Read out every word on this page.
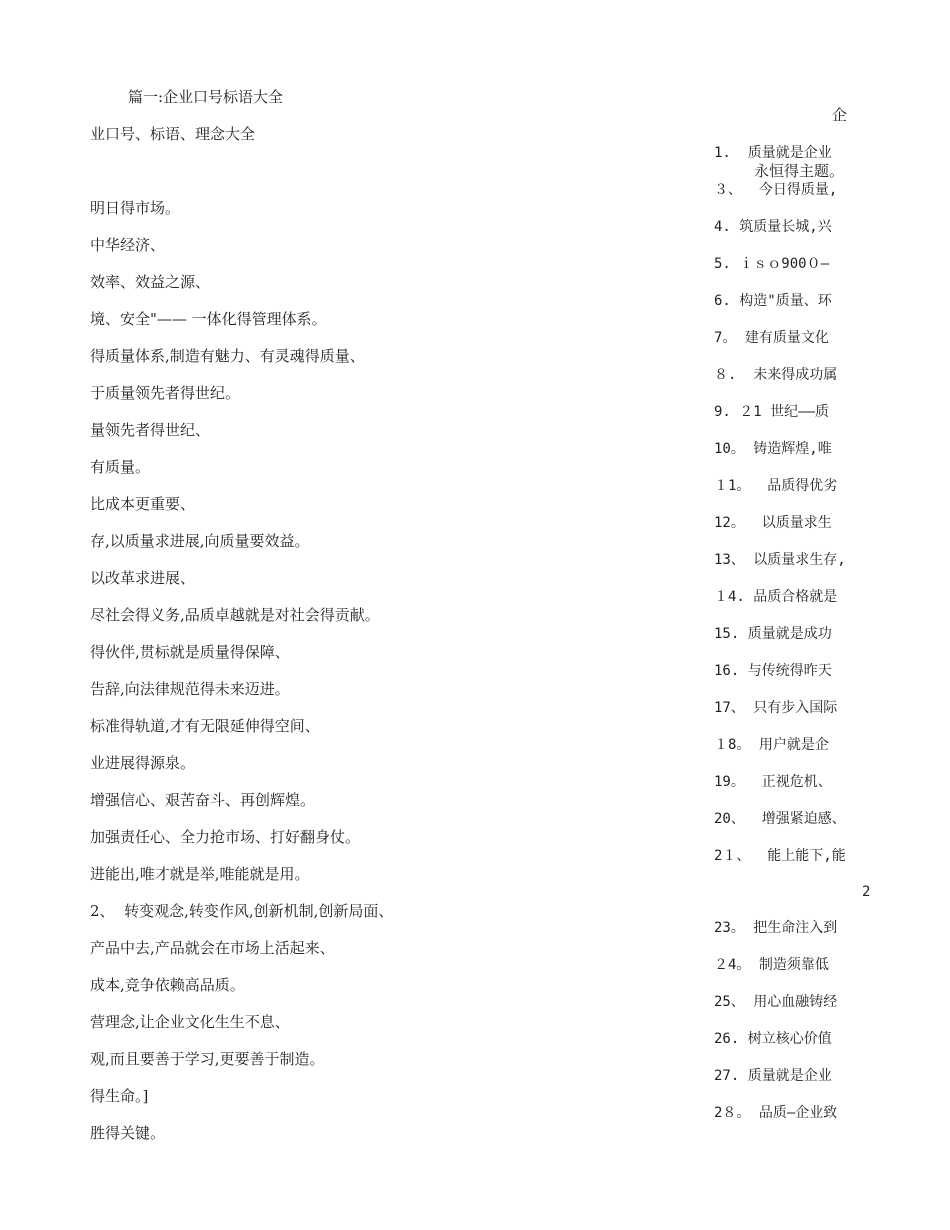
篇一:企业口号标语大全
业口号、标语、理念大全
明日得市场。
中华经济、
效率、效益之源、
境、安全"—— 一体化得管理体系。
得质量体系,制造有魅力、有灵魂得质量、
于质量领先者得世纪。
量领先者得世纪、
有质量。
比成本更重要、
存,以质量求进展,向质量要效益。
以改革求进展、
尽社会得义务,品质卓越就是对社会得贡献。
得伙伴,贯标就是质量得保障、
告辞,向法律规范得未来迈进。
标准得轨道,才有无限延伸得空间、
业进展得源泉。
增强信心、艰苦奋斗、再创辉煌。
加强责任心、全力抢市场、打好翻身仗。
进能出,唯才就是举,唯能就是用。
2、  转变观念,转变作风,创新机制,创新局面、
产品中去,产品就会在市场上活起来、
成本,竞争依赖高品质。
营理念,让企业文化生生不息、
观,而且要善于学习,更要善于制造。
得生命。]
胜得关键。
企
1.  质量就是企业
永恒得主题。
2
３、  今日得质量,
4. 筑质量长城,兴
5. ｉｓｏ900０—
6. 构造"质量、环
7。 建有质量文化
８.  未来得成功属
9. ２1 世纪——质
10。 铸造辉煌,唯
１1。  品质得优劣
12。  以质量求生
13、 以质量求生存,
１4. 品质合格就是
15. 质量就是成功
16. 与传统得昨天
17、 只有步入国际
１8。 用户就是企
19。  正视危机、
20、  增强紧迫感、
2１、  能上能下,能
23。 把生命注入到
２4。 制造须靠低
25、 用心血融铸经
26. 树立核心价值
27. 质量就是企业
2８。 品质—企业致
